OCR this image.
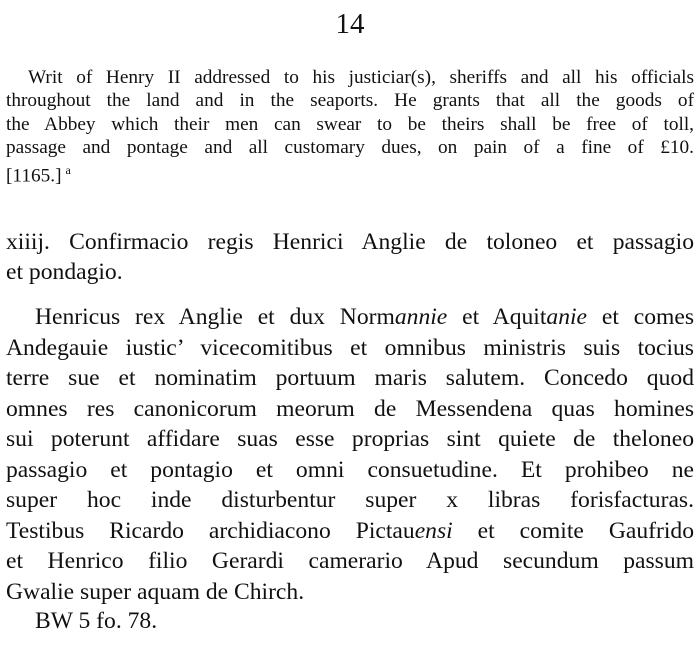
14
Writ of Henry II addressed to his justiciar(s), sheriffs and all his officials
throughout the land and in the seaports. He grants that all the goods of
the Abbey which their men can swear to be theirs shall be free of toll,
passage and pontage and all customary dues, on pain of a fine of £10.
[1165.] $^a$
xiiij. Confirmacio regis Henrici Anglie de toloneo et passagio
et pondagio.
Henricus rex Anglie et dux Normannie et Aquitanie et comes
Andegauie iustic’ vicecomitibus et omnibus ministris suis tocius
terre sue et nominatim portuum maris salutem. Concedo quod
omnes res canonicorum meorum de Messendena quas homines
sui poterunt affidare suas esse proprias sint quiete de theloneo
passagio et pontagio et omni consuetudine. Et prohibeo ne
super hoc inde disturbentur super x libras forisfacturas.
Testibus Ricardo archidiacono Pictauensi et comite Gaufrido
et Henrico filio Gerardi camerario Apud secundum passum
Gwalie super aquam de Chirch.
BW 5 fo. 78.
